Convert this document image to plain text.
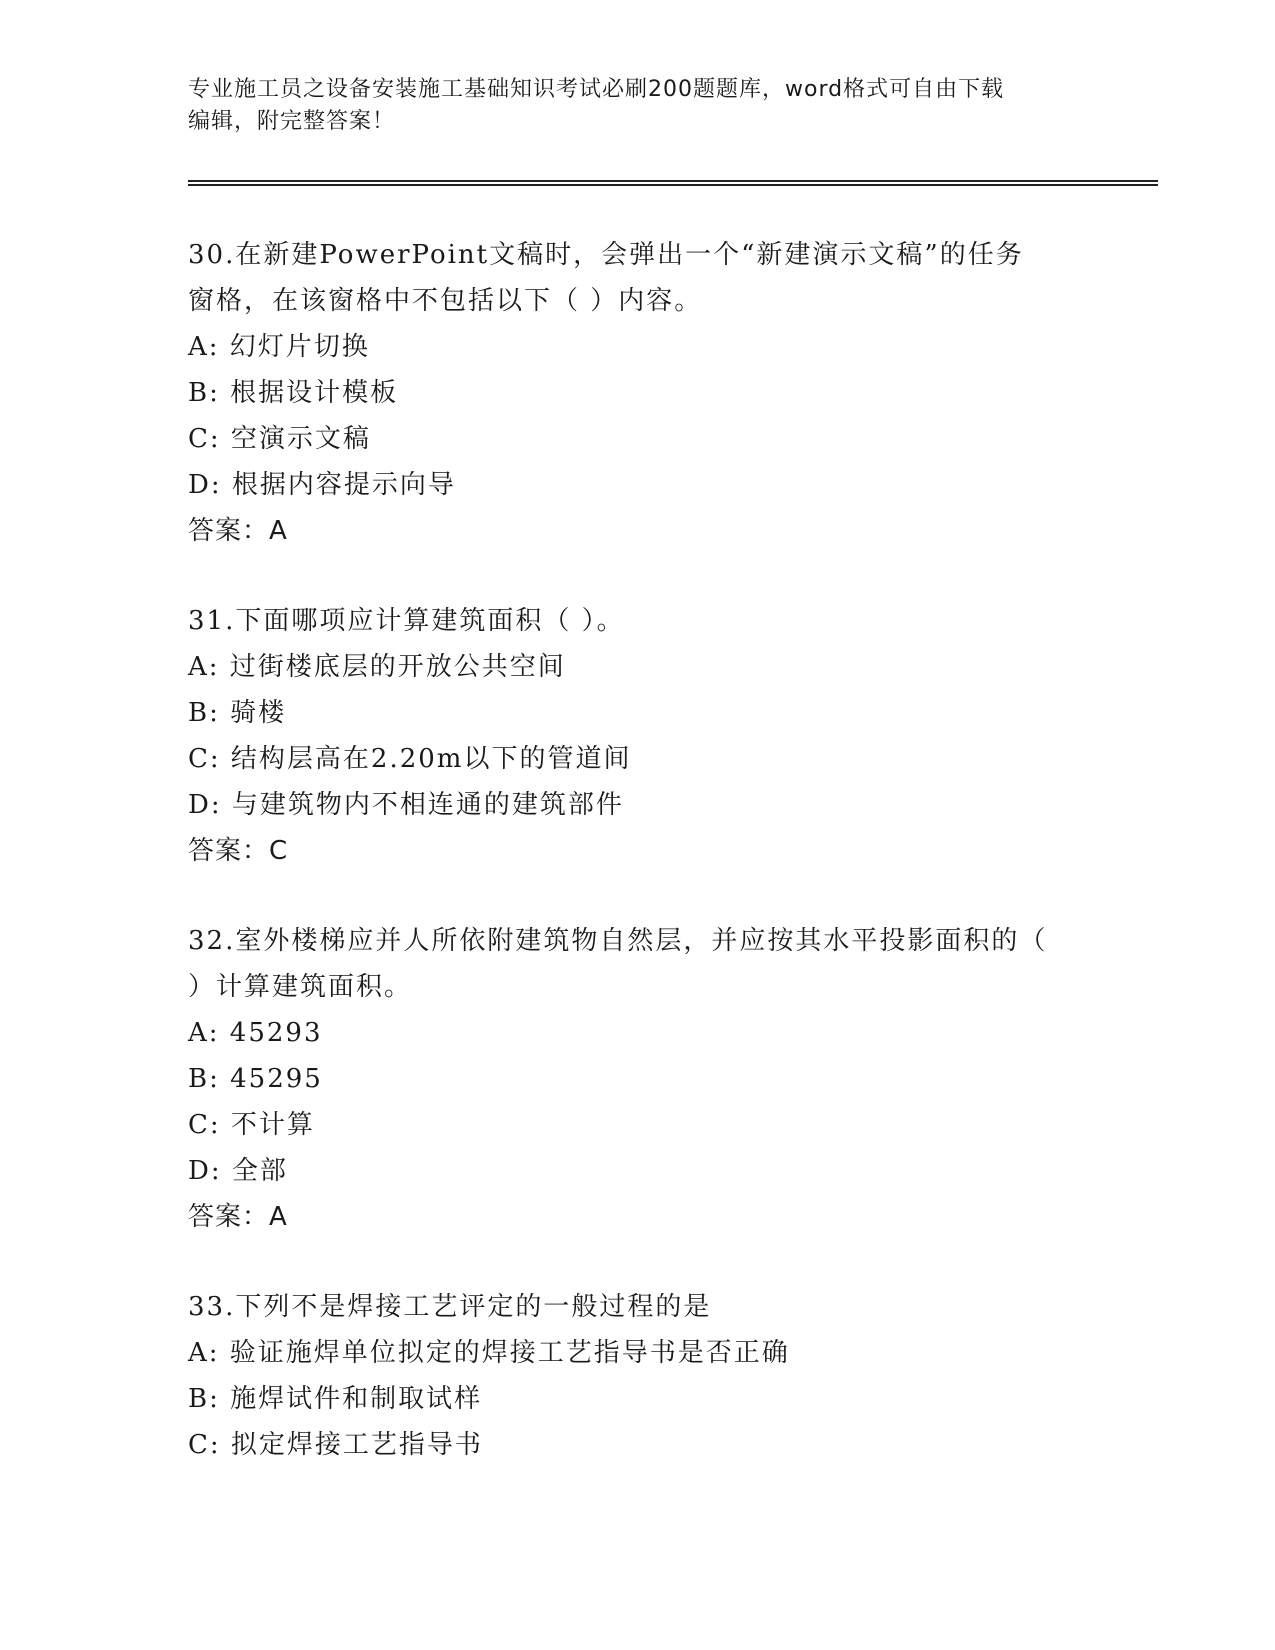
专业施工员之设备安装施工基础知识考试必刷200题题库，word格式可自由下载
编辑，附完整答案！

30.在新建PowerPoint文稿时，会弹出一个“新建演示文稿”的任务

窗格，在该窗格中不包括以下（ ）内容。

A: 幻灯片切换

B: 根据设计模板

C: 空演示文稿

D: 根据内容提示向导

答案：A

31.下面哪项应计算建筑面积（ ）。

A: 过街楼底层的开放公共空间

B: 骑楼

C: 结构层高在2.20m以下的管道间

D: 与建筑物内不相连通的建筑部件

答案：C

32.室外楼梯应并人所依附建筑物自然层，并应按其水平投影面积的（

）计算建筑面积。

A: 45293

B: 45295

C: 不计算

D: 全部

答案：A

33.下列不是焊接工艺评定的一般过程的是

A: 验证施焊单位拟定的焊接工艺指导书是否正确

B: 施焊试件和制取试样

C: 拟定焊接工艺指导书
